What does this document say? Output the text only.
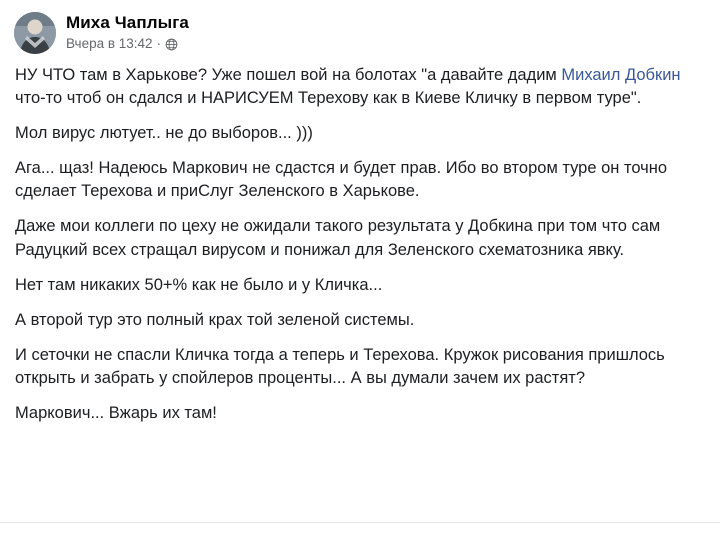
Миха Чаплыга
Вчера в 13:42 ·

НУ ЧТО там в Харькове? Уже пошел вой на болотах "а давайте дадим Михаил Добкин что-то чтоб он сдался и НАРИСУЕМ Терехову как в Киеве Кличку в первом туре".

Мол вирус лютует.. не до выборов... )))

Ага... щаз! Надеюсь Маркович не сдастся и будет прав. Ибо во втором туре он точно сделает Терехова и приСлуг Зеленского в Харькове.

Даже мои коллеги по цеху не ожидали такого результата у Добкина при том что сам Радуцкий всех стращал вирусом и понижал для Зеленского схематозника явку.

Нет там никаких 50+% как не было и у Кличка...

А второй тур это полный крах той зеленой системы.

И сеточки не спасли Кличка тогда а теперь и Терехова. Кружок рисования пришлось открыть и забрать у спойлеров проценты... А вы думали зачем их растят?

Маркович... Вжарь их там!
